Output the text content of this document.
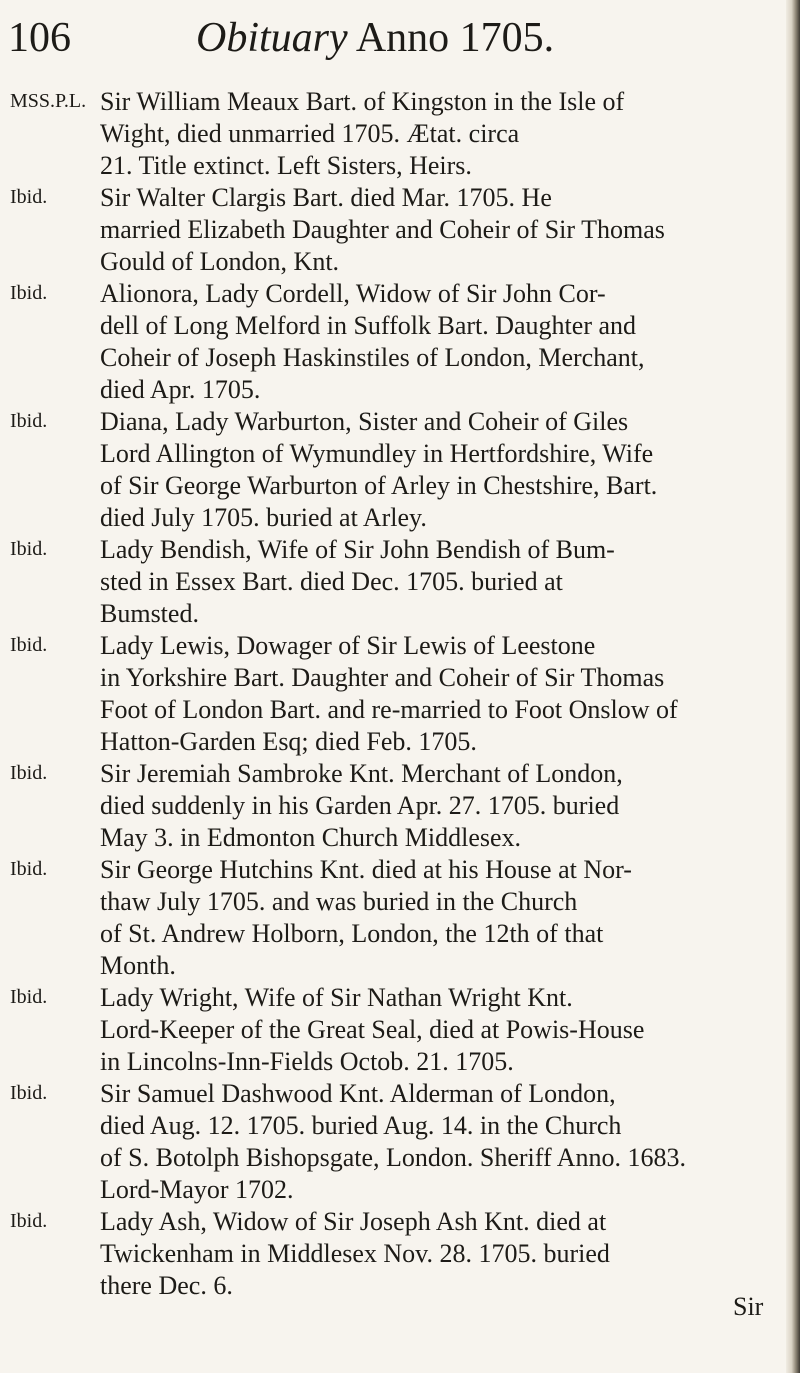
106	Obituary Anno 1705.
MSS.P.L. Sir William Meaux Bart. of Kingston in the Isle of
Wight, died unmarried 1705. Ætat. circa
21. Title extinct. Left Sisters, Heirs.
Ibid. Sir Walter Clargis Bart. died Mar. 1705. He
married Elizabeth Daughter and Coheir of Sir Thomas
Gould of London, Knt.
Ibid. Alionora, Lady Cordell, Widow of Sir John Cor-
dell of Long Melford in Suffolk Bart. Daughter and
Coheir of Joseph Haskinstiles of London, Merchant,
died Apr. 1705.
Ibid. Diana, Lady Warburton, Sister and Coheir of Giles
Lord Allington of Wymundley in Hertfordshire, Wife
of Sir George Warburton of Arley in Chestshire, Bart.
died July 1705. buried at Arley.
Ibid. Lady Bendish, Wife of Sir John Bendish of Bum-
sted in Essex Bart. died Dec. 1705. buried at
Bumsted.
Ibid. Lady Lewis, Dowager of Sir Lewis of Leestone
in Yorkshire Bart. Daughter and Coheir of Sir Thomas
Foot of London Bart. and re-married to Foot Onslow of
Hatton-Garden Esq; died Feb. 1705.
Ibid. Sir Jeremiah Sambroke Knt. Merchant of London,
died suddenly in his Garden Apr. 27. 1705. buried
May 3. in Edmonton Church Middlesex.
Ibid. Sir George Hutchins Knt. died at his House at Nor-
thaw July 1705. and was buried in the Church
of St. Andrew Holborn, London, the 12th of that
Month.
Ibid. Lady Wright, Wife of Sir Nathan Wright Knt.
Lord-Keeper of the Great Seal, died at Powis-House
in Lincolns-Inn-Fields Octob. 21. 1705.
Ibid. Sir Samuel Dashwood Knt. Alderman of London,
died Aug. 12. 1705. buried Aug. 14. in the Church
of S. Botolph Bishopsgate, London. Sheriff Anno. 1683.
Lord-Mayor 1702.
Ibid. Lady Ash, Widow of Sir Joseph Ash Knt. died at
Twickenham in Middlesex Nov. 28. 1705. buried
there Dec. 6.
Sir
